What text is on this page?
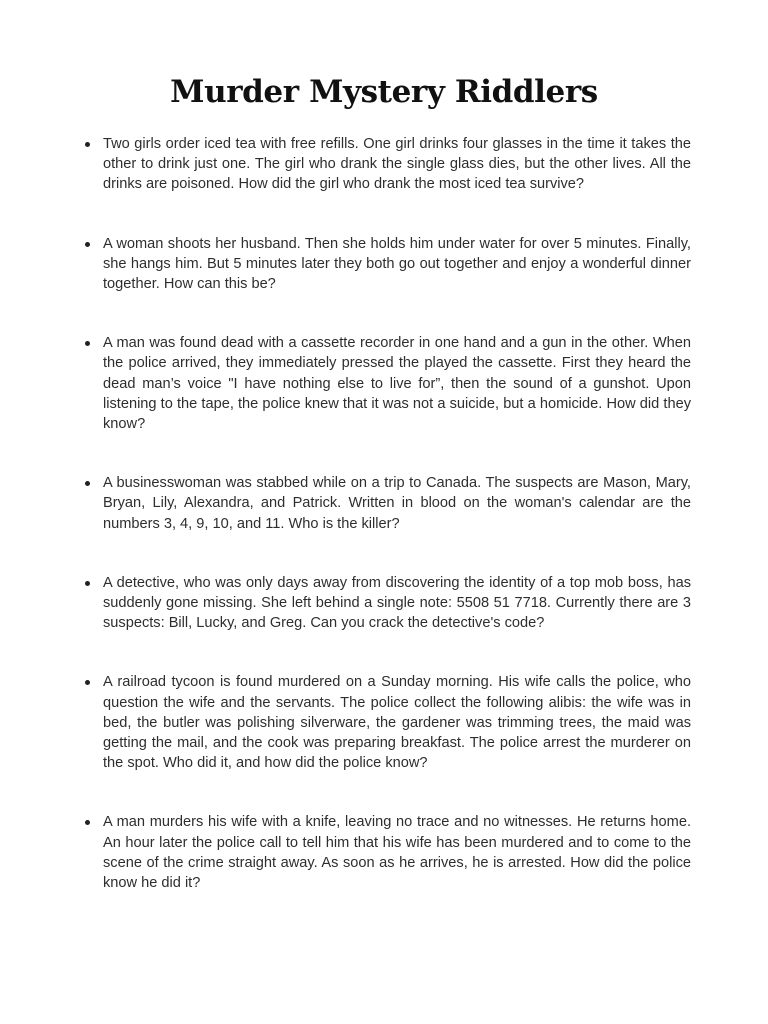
Murder Mystery Riddlers
Two girls order iced tea with free refills. One girl drinks four glasses in the time it takes the other to drink just one. The girl who drank the single glass dies, but the other lives. All the drinks are poisoned. How did the girl who drank the most iced tea survive?
A woman shoots her husband. Then she holds him under water for over 5 minutes. Finally, she hangs him. But 5 minutes later they both go out together and enjoy a wonderful dinner together. How can this be?
A man was found dead with a cassette recorder in one hand and a gun in the other. When the police arrived, they immediately pressed the played the cassette. First they heard the dead man’s voice "I have nothing else to live for”, then the sound of a gunshot. Upon listening to the tape, the police knew that it was not a suicide, but a homicide. How did they know?
A businesswoman was stabbed while on a trip to Canada. The suspects are Mason, Mary, Bryan, Lily, Alexandra, and Patrick. Written in blood on the woman's calendar are the numbers 3, 4, 9, 10, and 11. Who is the killer?
A detective, who was only days away from discovering the identity of a top mob boss, has suddenly gone missing. She left behind a single note: 5508 51 7718. Currently there are 3 suspects: Bill, Lucky, and Greg. Can you crack the detective's code?
A railroad tycoon is found murdered on a Sunday morning. His wife calls the police, who question the wife and the servants. The police collect the following alibis: the wife was in bed, the butler was polishing silverware, the gardener was trimming trees, the maid was getting the mail, and the cook was preparing breakfast. The police arrest the murderer on the spot. Who did it, and how did the police know?
A man murders his wife with a knife, leaving no trace and no witnesses. He returns home. An hour later the police call to tell him that his wife has been murdered and to come to the scene of the crime straight away. As soon as he arrives, he is arrested. How did the police know he did it?
